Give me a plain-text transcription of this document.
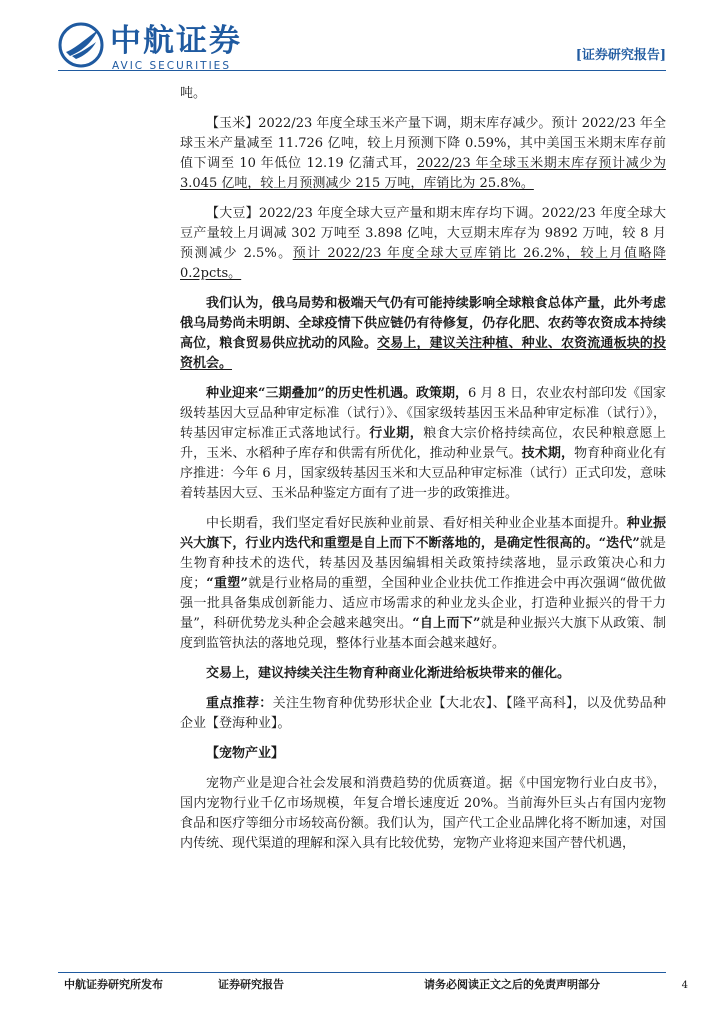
中航证券
AVIC SECURITIES
[证券研究报告]

吨。

【玉米】2022/23 年度全球玉米产量下调，期末库存减少。预计 2022/23 年全球玉米产量减至 11.726 亿吨，较上月预测下降 0.59%，其中美国玉米期末库存前值下调至 10 年低位 12.19 亿蒲式耳，2022/23 年全球玉米期末库存预计减少为 3.045 亿吨，较上月预测减少 215 万吨，库销比为 25.8%。

【大豆】2022/23 年度全球大豆产量和期末库存均下调。2022/23 年度全球大豆产量较上月调减 302 万吨至 3.898 亿吨，大豆期末库存为 9892 万吨，较 8 月预测减少 2.5%。预计 2022/23 年度全球大豆库销比 26.2%，较上月值略降 0.2pcts。

我们认为，俄乌局势和极端天气仍有可能持续影响全球粮食总体产量，此外考虑俄乌局势尚未明朗、全球疫情下供应链仍有待修复，仍存化肥、农药等农资成本持续高位，粮食贸易供应扰动的风险。交易上，建议关注种植、种业、农资流通板块的投资机会。

种业迎来“三期叠加”的历史性机遇。政策期，6 月 8 日，农业农村部印发《国家级转基因大豆品种审定标准（试行）》、《国家级转基因玉米品种审定标准（试行）》，转基因审定标准正式落地试行。行业期，粮食大宗价格持续高位，农民种粮意愿上升，玉米、水稻种子库存和供需有所优化，推动种业景气。技术期，物育种商业化有序推进：今年 6 月，国家级转基因玉米和大豆品种审定标准（试行）正式印发，意味着转基因大豆、玉米品种鉴定方面有了进一步的政策推进。

中长期看，我们坚定看好民族种业前景、看好相关种业企业基本面提升。种业振兴大旗下，行业内迭代和重塑是自上而下不断落地的，是确定性很高的。“迭代”就是生物育种技术的迭代，转基因及基因编辑相关政策持续落地，显示政策决心和力度；“重塑”就是行业格局的重塑，全国种业企业扶优工作推进会中再次强调“做优做强一批具备集成创新能力、适应市场需求的种业龙头企业，打造种业振兴的骨干力量”，科研优势龙头种企会越来越突出。“自上而下”就是种业振兴大旗下从政策、制度到监管执法的落地兑现，整体行业基本面会越来越好。

交易上，建议持续关注生物育种商业化渐进给板块带来的催化。

重点推荐：关注生物育种优势形状企业【大北农】、【隆平高科】，以及优势品种企业【登海种业】。

【宠物产业】

宠物产业是迎合社会发展和消费趋势的优质赛道。据《中国宠物行业白皮书》，国内宠物行业千亿市场规模，年复合增长速度近 20%。当前海外巨头占有国内宠物食品和医疗等细分市场较高份额。我们认为，国产代工企业品牌化将不断加速，对国内传统、现代渠道的理解和深入具有比较优势，宠物产业将迎来国产替代机遇，

中航证券研究所发布	证券研究报告	请务必阅读正文之后的免责声明部分	4
